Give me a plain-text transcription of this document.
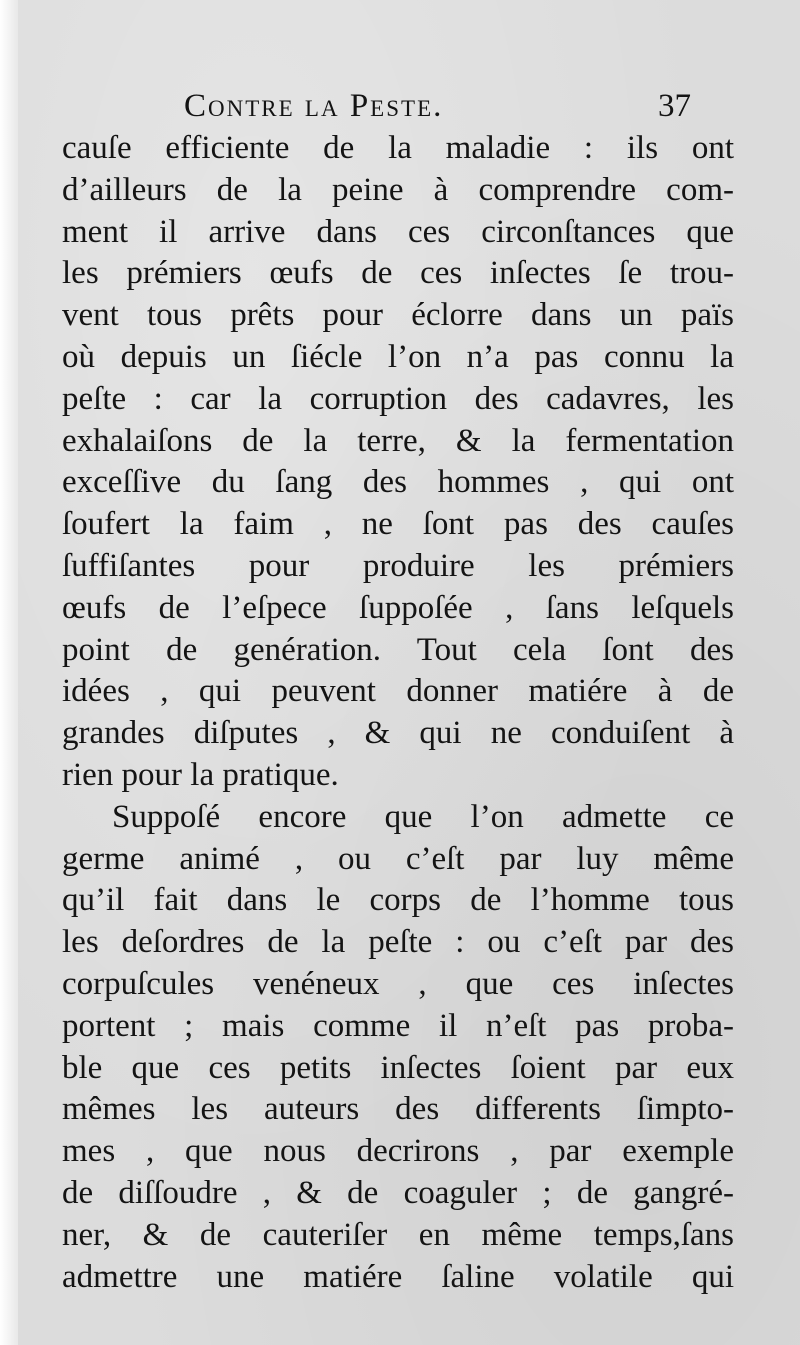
Contre la Peste.	37
cauſe efficiente de la maladie : ils ont
d’ailleurs de la peine à comprendre com-
ment il arrive dans ces circonſtances que
les prémiers œufs de ces inſectes ſe trou-
vent tous prêts pour éclorre dans un païs
où depuis un ſiécle l’on n’a pas connu la
peſte : car la corruption des cadavres, les
exhalaiſons de la terre, & la fermentation
exceſſive du ſang des hommes , qui ont
ſoufert la faim , ne ſont pas des cauſes
ſuffiſantes pour produire les prémiers
œufs de l’eſpece ſuppoſée , ſans leſquels
point de genération. Tout cela ſont des
idées , qui peuvent donner matiére à de
grandes diſputes , & qui ne conduiſent à
rien pour la pratique.
Suppoſé encore que l’on admette ce
germe animé , ou c’eſt par luy même
qu’il fait dans le corps de l’homme tous
les deſordres de la peſte : ou c’eſt par des
corpuſcules venéneux , que ces inſectes
portent ; mais comme il n’eſt pas proba-
ble que ces petits inſectes ſoient par eux
mêmes les auteurs des differents ſimpto-
mes , que nous decrirons , par exemple
de diſſoudre , & de coaguler ; de gangré-
ner, & de cauteriſer en même temps,ſans
admettre une matiére ſaline volatile qui
